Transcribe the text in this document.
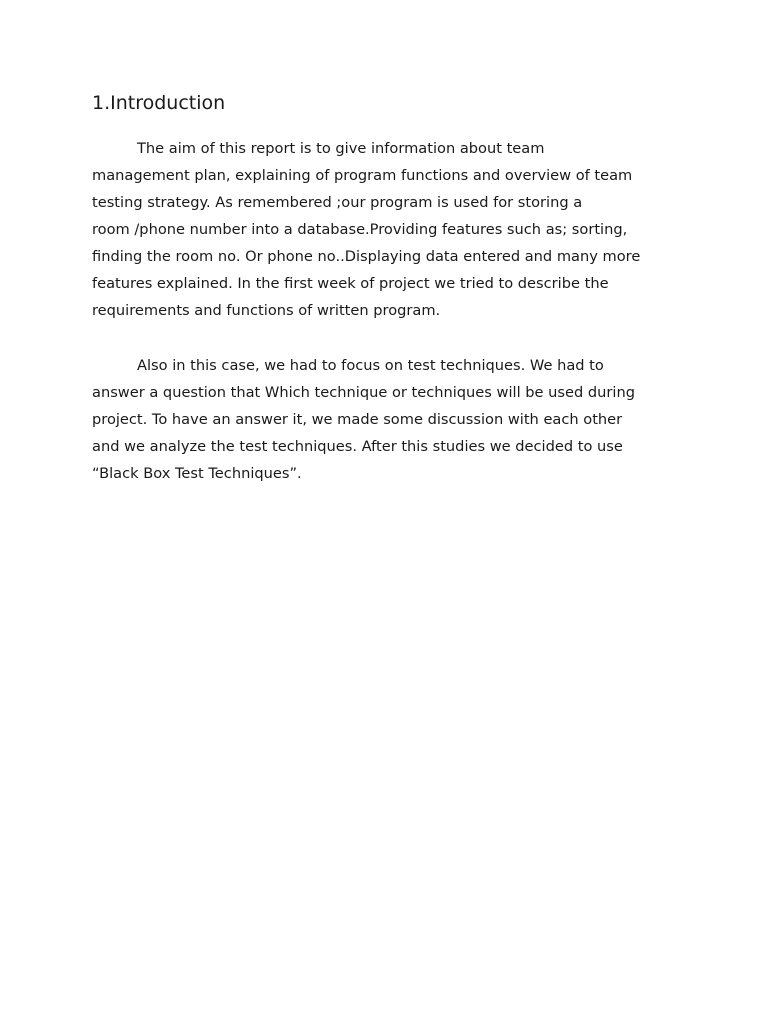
1.Introduction

The aim of this report is to give information about team
management plan, explaining of program functions and overview of team
testing strategy. As remembered ;our program is used for storing a
room /phone number into a database.Providing features such as; sorting,
finding the room no. Or phone no..Displaying data entered and many more
features explained. In the first week of project we tried to describe the
requirements and functions of written program.

Also in this case, we had to focus on test techniques. We had to
answer a question that Which technique or techniques will be used during
project. To have an answer it, we made some discussion with each other
and we analyze the test techniques. After this studies we decided to use
“Black Box Test Techniques”.
